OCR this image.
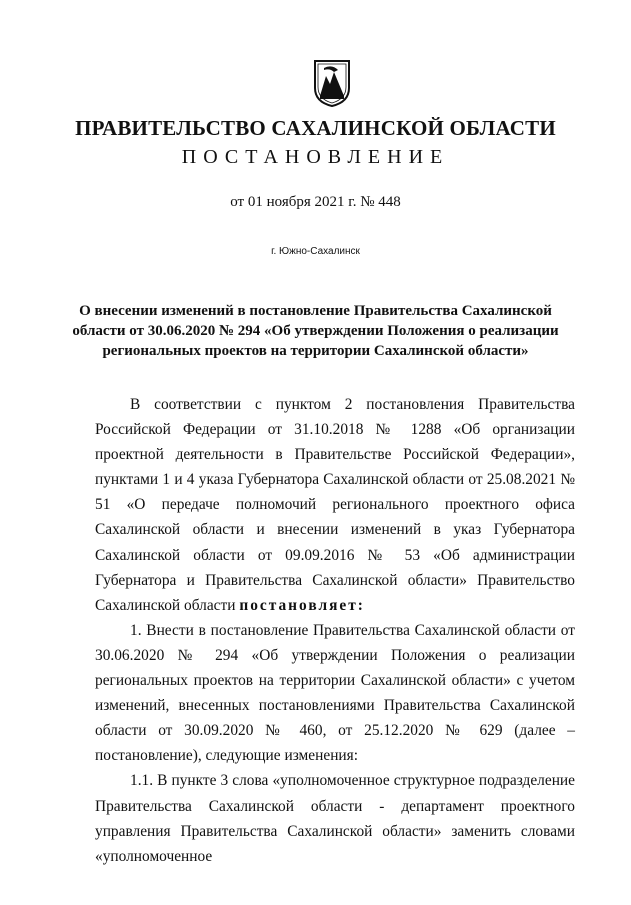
ПРАВИТЕЛЬСТВО САХАЛИНСКОЙ ОБЛАСТИ
ПОСТАНОВЛЕНИЕ
от 01 ноября 2021 г. № 448
г. Южно-Сахалинск
О внесении изменений в постановление Правительства Сахалинской
области от 30.06.2020 № 294 «Об утверждении Положения о реализации
региональных проектов на территории Сахалинской области»

В соответствии с пунктом 2 постановления Правительства Российской Федерации от 31.10.2018 № 1288 «Об организации проектной деятельности в Правительстве Российской Федерации», пунктами 1 и 4 указа Губернатора Сахалинской области от 25.08.2021 № 51 «О передаче полномочий регионального проектного офиса Сахалинской области и внесении изменений в указ Губернатора Сахалинской области от 09.09.2016 № 53 «Об администрации Губернатора и Правительства Сахалинской области» Правительство Сахалинской области постановляет:

1. Внести в постановление Правительства Сахалинской области от 30.06.2020 № 294 «Об утверждении Положения о реализации региональных проектов на территории Сахалинской области» с учетом изменений, внесенных постановлениями Правительства Сахалинской области от 30.09.2020 № 460, от 25.12.2020 № 629 (далее – постановление), следующие изменения:

1.1. В пункте 3 слова «уполномоченное структурное подразделение Правительства Сахалинской области - департамент проектного управления Правительства Сахалинской области» заменить словами «уполномоченное
